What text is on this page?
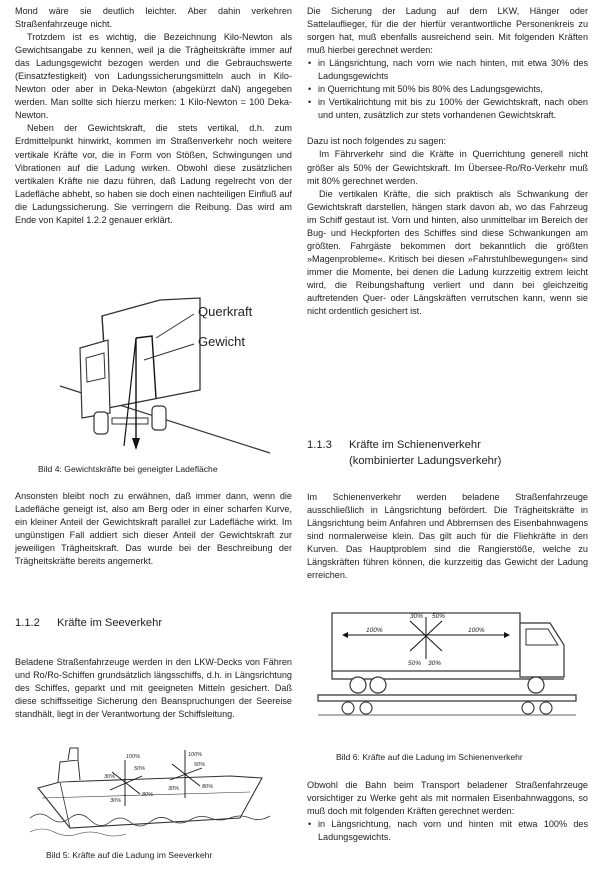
Mond wäre sie deutlich leichter. Aber dahin verkehren Straßenfahrzeuge nicht.

Trotzdem ist es wichtig, die Bezeichnung Kilo-Newton als Gewichtsangabe zu kennen, weil ja die Trägheitskräfte immer auf das Ladungsgewicht bezogen werden und die Gebrauchswerte (Einsatzfestigkeit) von Ladungssicherungsmitteln auch in Kilo-Newton oder aber in Deka-Newton (abgekürzt daN) angegeben werden. Man sollte sich hierzu merken: 1 Kilo-Newton = 100 Deka-Newton.

Neben der Gewichtskraft, die stets vertikal, d.h. zum Erdmittelpunkt hinwirkt, kommen im Straßenverkehr noch weitere vertikale Kräfte vor, die in Form von Stößen, Schwingungen und Vibrationen auf die Ladung wirken. Obwohl diese zusätzlichen vertikalen Kräfte nie dazu führen, daß Ladung regelrecht von der Ladefläche abhebt, so haben sie doch einen nachteiligen Einfluß auf die Ladungssicherung. Sie verringern die Reibung. Das wird am Ende von Kapitel 1.2.2 genauer erklärt.

Querkraft
Gewicht
Bild 4: Gewichtskräfte bei geneigter Ladefläche

Ansonsten bleibt noch zu erwähnen, daß immer dann, wenn die Ladefläche geneigt ist, also am Berg oder in einer scharfen Kurve, ein kleiner Anteil der Gewichtskraft parallel zur Ladefläche wirkt. Im ungünstigen Fall addiert sich dieser Anteil der Gewichtskraft zur jeweiligen Trägheitskraft. Das wurde bei der Beschreibung der Trägheitskräfte bereits angemerkt.

1.1.2 Kräfte im Seeverkehr

Beladene Straßenfahrzeuge werden in den LKW-Decks von Fähren und Ro/Ro-Schiffen grundsätzlich längsschiffs, d.h. in Längsrichtung des Schiffes, geparkt und mit geeigneten Mitteln gesichert. Daß diese schiffsseitige Sicherung den Beanspruchungen der Seereise standhält, liegt in der Verantwortung der Schiffsleitung.

100%
50%
30%
80%
30%
100%
50%
80%
30%
Bild 5: Kräfte auf die Ladung im Seeverkehr

Die Sicherung der Ladung auf dem LKW, Hänger oder Sattelauflieger, für die der hierfür verantwortliche Personenkreis zu sorgen hat, muß ebenfalls ausreichend sein. Mit folgenden Kräften muß hierbei gerechnet werden:

• in Längsrichtung, nach vorn wie nach hinten, mit etwa 30% des Ladungsgewichts
• in Querrichtung mit 50% bis 80% des Ladungsgewichts,
• in Vertikalrichtung mit bis zu 100% der Gewichtskraft, nach oben und unten, zusätzlich zur stets vorhandenen Gewichtskraft.

Dazu ist noch folgendes zu sagen:

Im Fährverkehr sind die Kräfte in Querrichtung generell nicht größer als 50% der Gewichtskraft. Im Übersee-Ro/Ro-Verkehr muß mit 80% gerechnet werden.

Die vertikalen Kräfte, die sich praktisch als Schwankung der Gewichtskraft darstellen, hängen stark davon ab, wo das Fahrzeug im Schiff gestaut ist. Vorn und hinten, also unmittelbar im Bereich der Bug- und Heckpforten des Schiffes sind diese Schwankungen am größten. Fahrgäste bekommen dort bekanntlich die größten »Magenprobleme«. Kritisch bei diesen »Fahrstuhlbewegungen« sind immer die Momente, bei denen die Ladung kurzzeitig extrem leicht wird, die Reibungshaftung verliert und dann bei gleichzeitig auftretenden Quer- oder Längskräften verrutschen kann, wenn sie nicht ordentlich gesichert ist.

1.1.3 Kräfte im Schienenverkehr
(kombinierter Ladungsverkehr)

Im Schienenverkehr werden beladene Straßenfahrzeuge ausschließlich in Längsrichtung befördert. Die Trägheitskräfte in Längsrichtung beim Anfahren und Abbremsen des Eisenbahnwagens sind normalerweise klein. Das gilt auch für die Fliehkräfte in den Kurven. Das Hauptproblem sind die Rangierstöße, welche zu Längskräften führen können, die kurzzeitig das Gewicht der Ladung erreichen.

100%	100%
30% 50%
50% 30%
Bild 6: Kräfte auf die Ladung im Schienenverkehr

Obwohl die Bahn beim Transport beladener Straßenfahrzeuge vorsichtiger zu Werke geht als mit normalen Eisenbahnwaggons, so muß doch mit folgenden Kräften gerechnet werden:

• in Längsrichtung, nach vorn und hinten mit etwa 100% des Ladungsgewichts.
